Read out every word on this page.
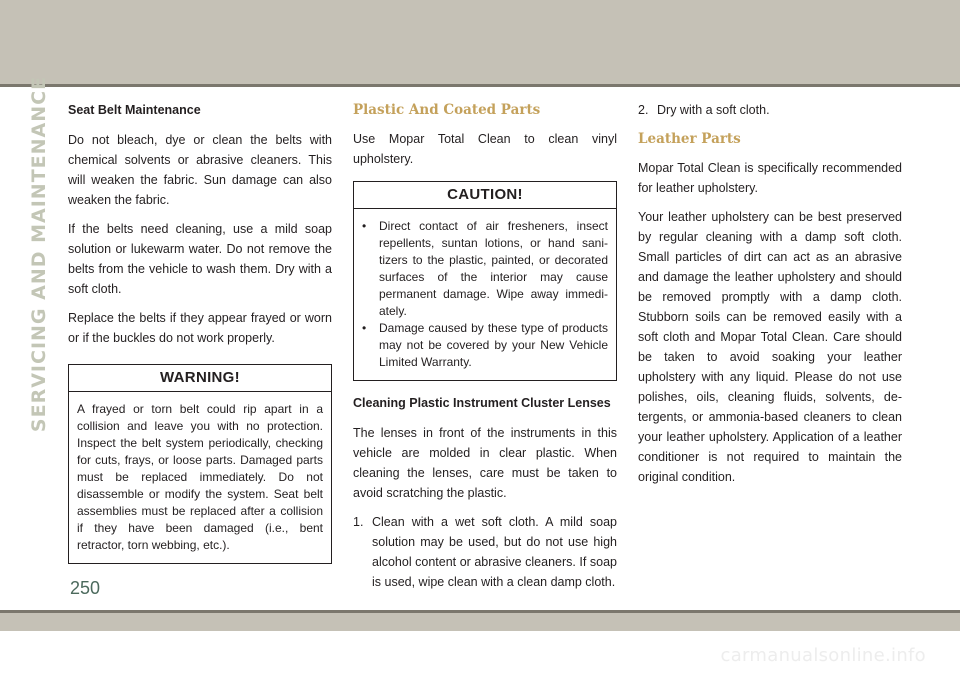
SERVICING AND MAINTENANCE Seat Belt Maintenance

Do not bleach, dye or clean the belts with chemical solvents or abrasive cleaners. This will weaken the fabric. Sun damage can also weaken the fabric.

If the belts need cleaning, use a mild soap solution or lukewarm water. Do not remove the belts from the vehicle to wash them. Dry with a soft cloth.

Replace the belts if they appear frayed or worn or if the buckles do not work properly.

WARNING!
A frayed or torn belt could rip apart in a collision and leave you with no protection. Inspect the belt system periodically, checking for cuts, frays, or loose parts. Damaged parts must be replaced immediately. Do not disassemble or modify the system. Seat belt assemblies must be replaced after a collision if they have been damaged (i.e., bent retractor, torn webbing, etc.).
Plastic And Coated Parts

Use Mopar Total Clean to clean vinyl upholstery.

CAUTION!
• Direct contact of air fresheners, insect repellents, suntan lotions, or hand sanitizers to the plastic, painted, or decorated surfaces of the interior may cause permanent damage. Wipe away immediately.
• Damage caused by these type of products may not be covered by your New Vehicle Limited Warranty.
Cleaning Plastic Instrument Cluster Lenses

The lenses in front of the instruments in this vehicle are molded in clear plastic. When cleaning the lenses, care must be taken to avoid scratching the plastic.

1. Clean with a wet soft cloth. A mild soap solution may be used, but do not use high alcohol content or abrasive cleaners. If soap is used, wipe clean with a clean damp cloth.
2. Dry with a soft cloth.
Leather Parts

Mopar Total Clean is specifically recommended for leather upholstery.

Your leather upholstery can be best preserved by regular cleaning with a damp soft cloth. Small particles of dirt can act as an abrasive and damage the leather upholstery and should be removed promptly with a damp cloth. Stubborn soils can be removed easily with a soft cloth and Mopar Total Clean. Care should be taken to avoid soaking your leather upholstery with any liquid. Please do not use polishes, oils, cleaning fluids, solvents, detergents, or ammonia-based cleaners to clean your leather upholstery. Application of a leather conditioner is not required to maintain the original condition.

250
carmanualsonline.info
